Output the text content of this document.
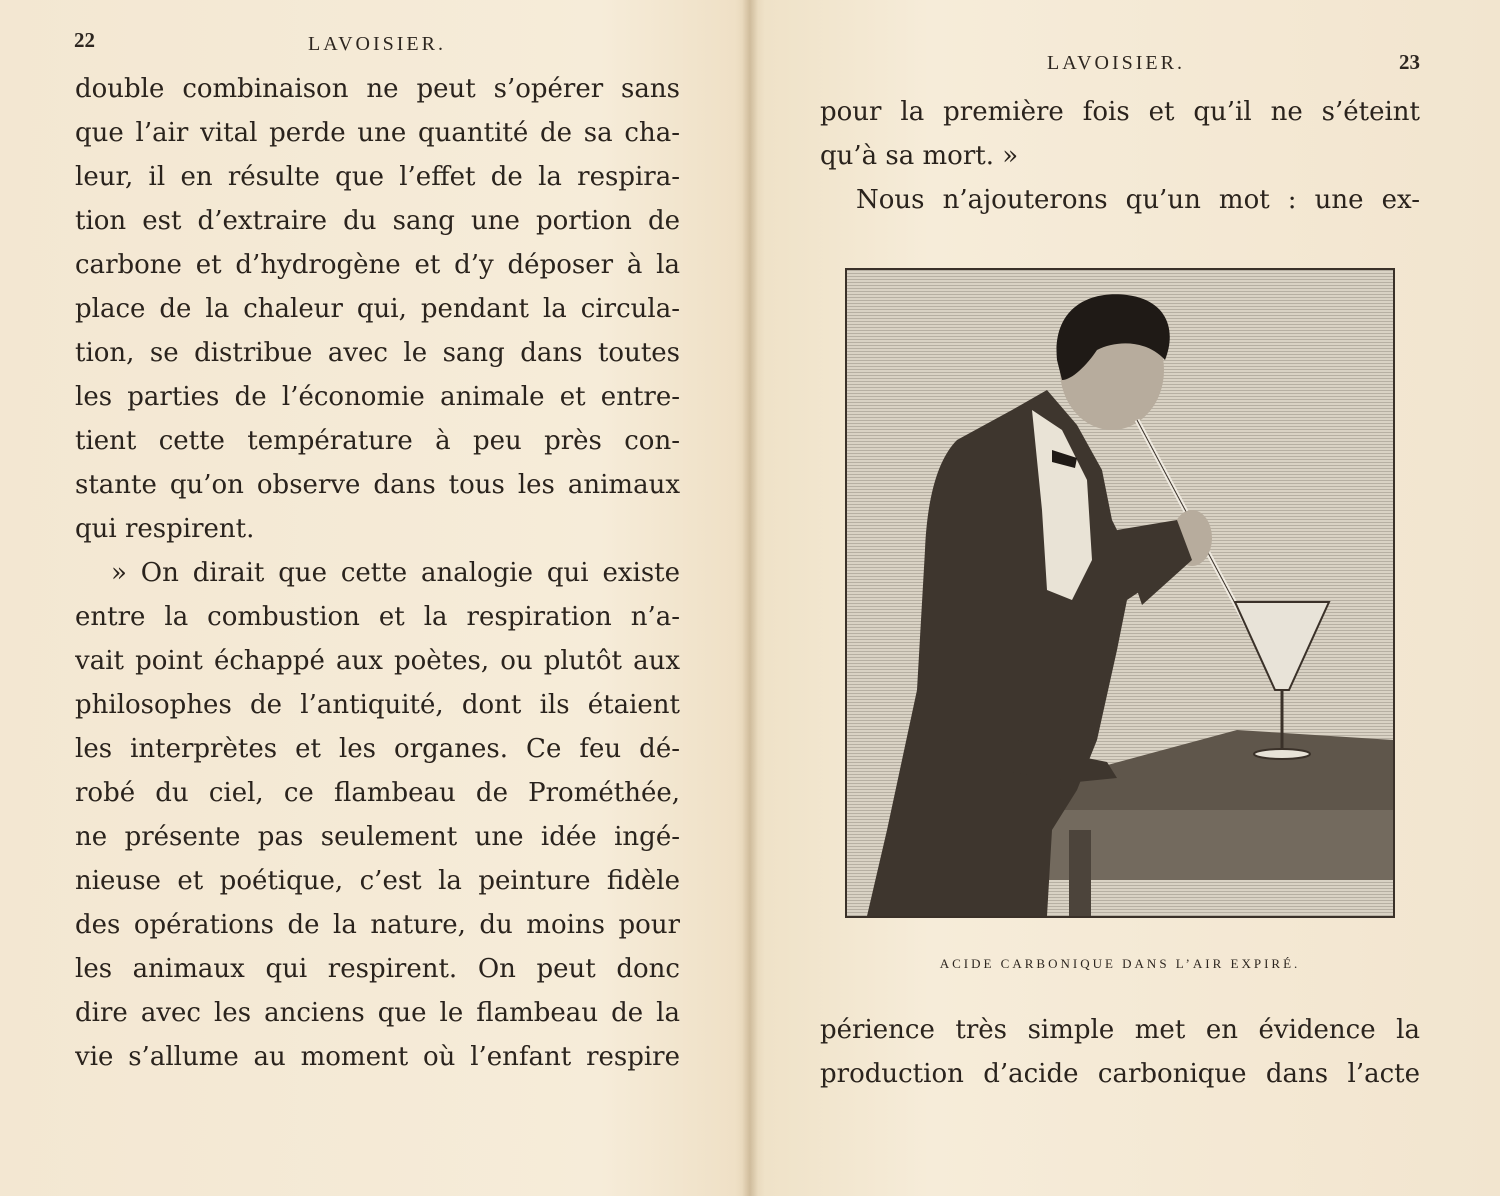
22	LAVOISIER.
double combinaison ne peut s’opérer sans
que l’air vital perde une quantité de sa cha-
leur, il en résulte que l’effet de la respira-
tion est d’extraire du sang une portion de
carbone et d’hydrogène et d’y déposer à la
place de la chaleur qui, pendant la circula-
tion, se distribue avec le sang dans toutes
les parties de l’économie animale et entre-
tient cette température à peu près con-
stante qu’on observe dans tous les animaux
qui respirent.
» On dirait que cette analogie qui existe
entre la combustion et la respiration n’a-
vait point échappé aux poètes, ou plutôt aux
philosophes de l’antiquité, dont ils étaient
les interprètes et les organes. Ce feu dé-
robé du ciel, ce flambeau de Prométhée,
ne présente pas seulement une idée ingé-
nieuse et poétique, c’est la peinture fidèle
des opérations de la nature, du moins pour
les animaux qui respirent. On peut donc
dire avec les anciens que le flambeau de la
vie s’allume au moment où l’enfant respire
LAVOISIER.	23
pour la première fois et qu’il ne s’éteint
qu’à sa mort. »
Nous n’ajouterons qu’un mot : une ex-
ACIDE CARBONIQUE DANS L’AIR EXPIRÉ.
périence très simple met en évidence la
production d’acide carbonique dans l’acte
